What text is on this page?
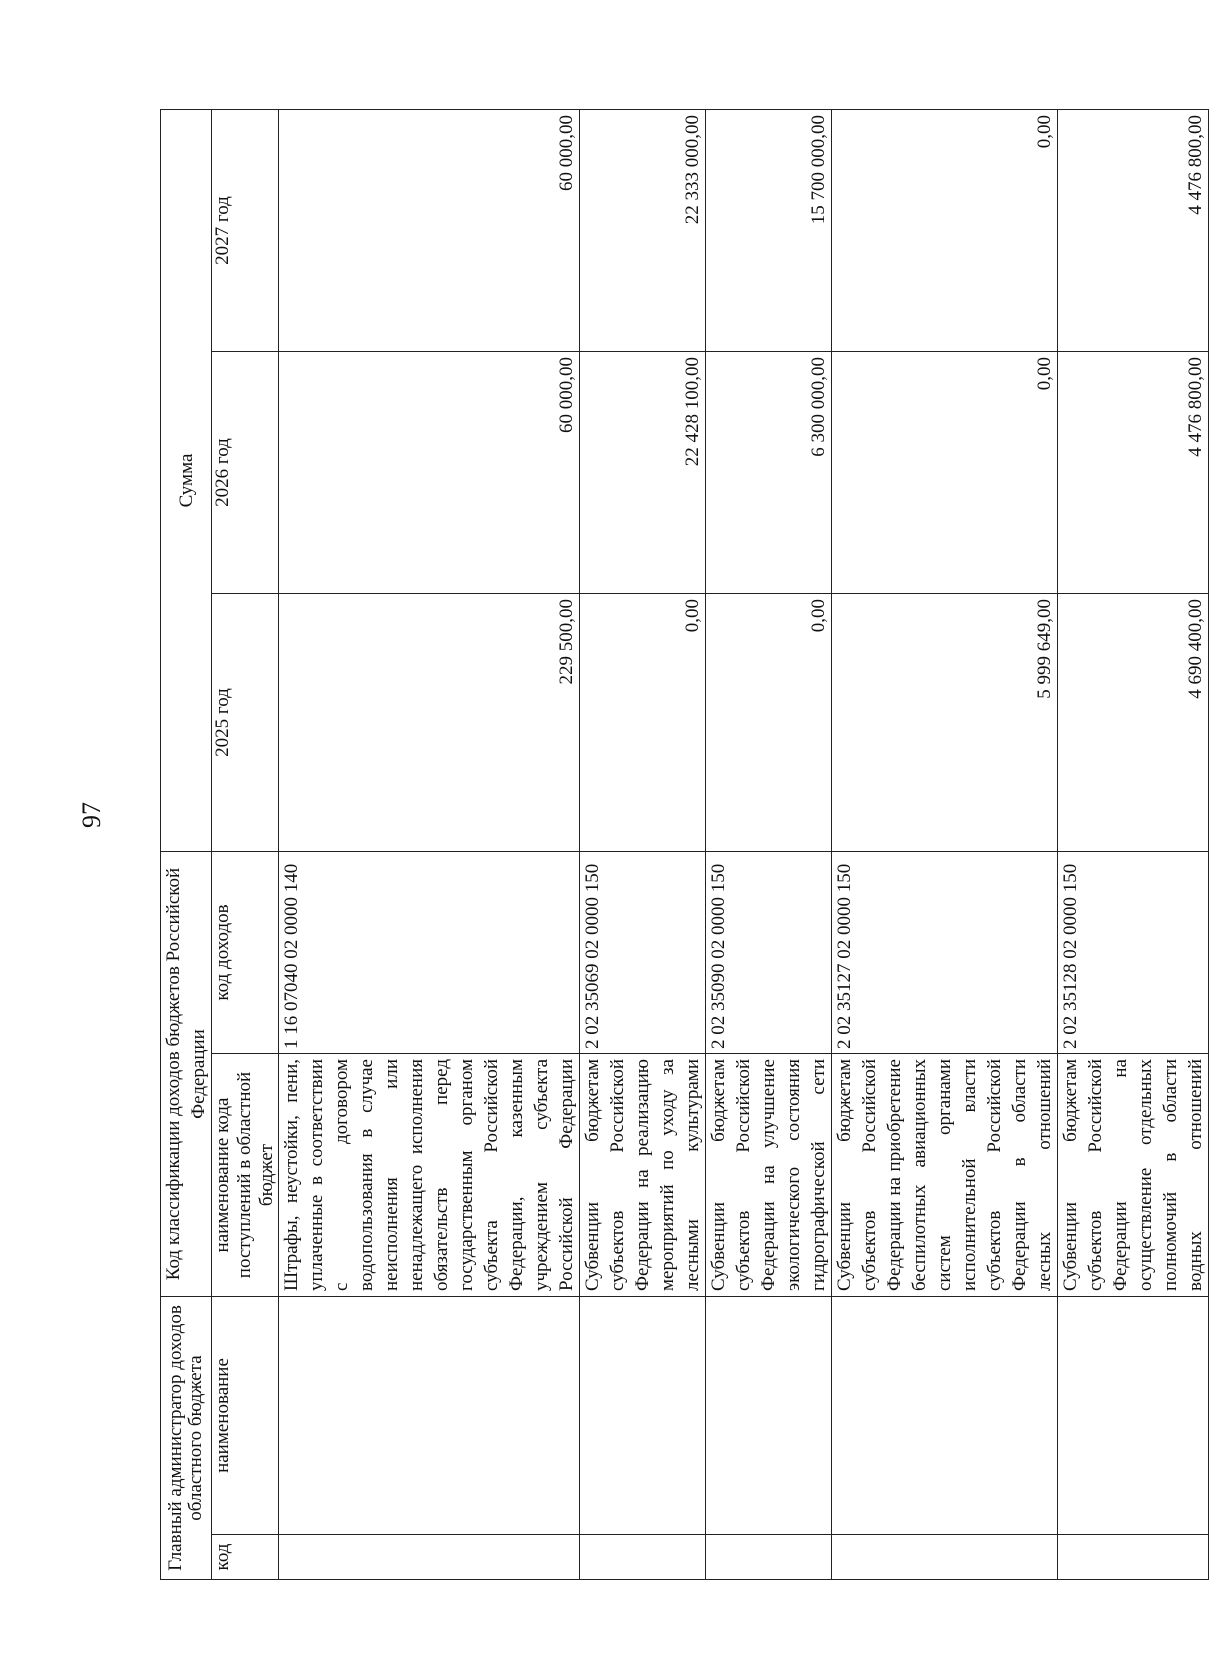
97
Главный администратор доходов областного бюджета		Код классификации доходов бюджетов Российской Федерации		Сумма		
код	наименование	наименование кода поступлений в областной бюджет	код доходов	2025 год	2026 год	2027 год
		Штрафы, неустойки, пени, уплаченные в соответствии с договором водопользования в случае неисполнения или ненадлежащего исполнения обязательств перед государственным органом субъекта Российской Федерации, казенным учреждением субъекта Российской Федерации	1 16 07040 02 0000 140	229 500,00	60 000,00	60 000,00
		Субвенции бюджетам субъектов Российской Федерации на реализацию мероприятий по уходу за лесными культурами	2 02 35069 02 0000 150	0,00	22 428 100,00	22 333 000,00
		Субвенции бюджетам субъектов Российской Федерации на улучшение экологического состояния гидрографической сети	2 02 35090 02 0000 150	0,00	6 300 000,00	15 700 000,00
		Субвенции бюджетам субъектов Российской Федерации на приобретение беспилотных авиационных систем органами исполнительной власти субъектов Российской Федерации в области лесных отношений	2 02 35127 02 0000 150	5 999 649,00	0,00	0,00
		Субвенции бюджетам субъектов Российской Федерации на осуществление отдельных полномочий в области водных отношений	2 02 35128 02 0000 150	4 690 400,00	4 476 800,00	4 476 800,00
